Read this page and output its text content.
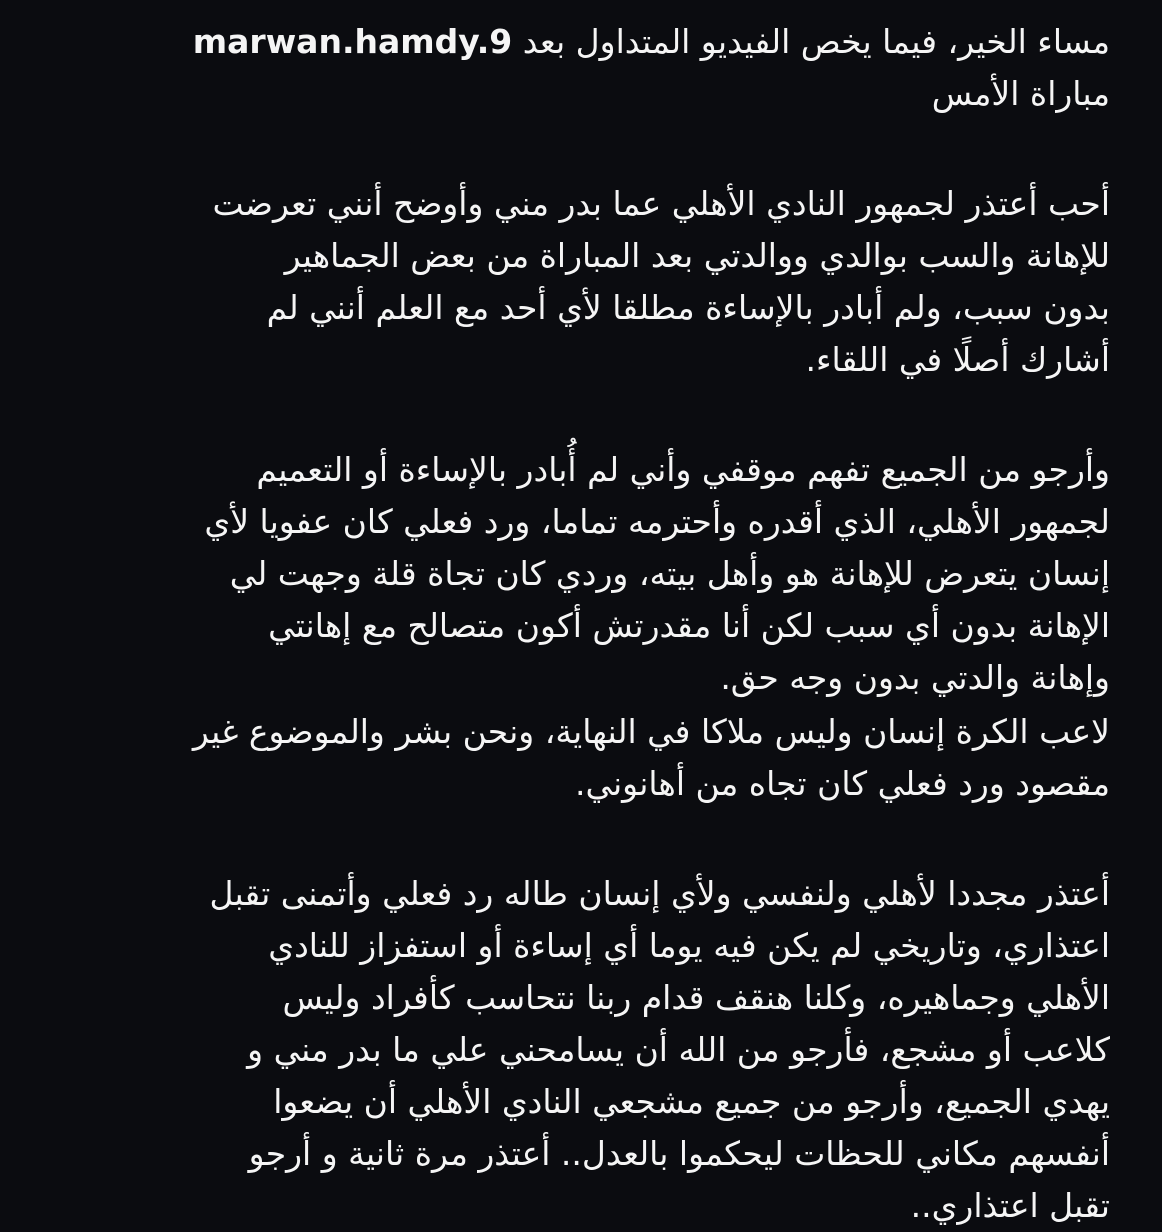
مساء الخير، فيما يخص الفيديو المتداول بعد marwan.hamdy.9
مباراة الأمس
أحب أعتذر لجمهور النادي الأهلي عما بدر مني وأوضح أنني تعرضت
للإهانة والسب بوالدي ووالدتي بعد المباراة من بعض الجماهير
بدون سبب، ولم أبادر بالإساءة مطلقا لأي أحد مع العلم أنني لم
أشارك أصلًا في اللقاء.
وأرجو من الجميع تفهم موقفي وأني لم أُبادر بالإساءة أو التعميم
لجمهور الأهلي، الذي أقدره وأحترمه تماما، ورد فعلي كان عفويا لأي
إنسان يتعرض للإهانة هو وأهل بيته، وردي كان تجاة قلة وجهت لي
الإهانة بدون أي سبب لكن أنا مقدرتش أكون متصالح مع إهانتي
وإهانة والدتي بدون وجه حق.
لاعب الكرة إنسان وليس ملاكا في النهاية، ونحن بشر والموضوع غير
مقصود ورد فعلي كان تجاه من أهانوني.
أعتذر مجددا لأهلي ولنفسي ولأي إنسان طاله رد فعلي وأتمنى تقبل
اعتذاري، وتاريخي لم يكن فيه يوما أي إساءة أو استفزاز للنادي
الأهلي وجماهيره، وكلنا هنقف قدام ربنا نتحاسب كأفراد وليس
كلاعب أو مشجع، فأرجو من الله أن يسامحني علي ما بدر مني و
يهدي الجميع، وأرجو من جميع مشجعي النادي الأهلي أن يضعوا
أنفسهم مكاني للحظات ليحكموا بالعدل.. أعتذر مرة ثانية و أرجو
تقبل اعتذاري..
